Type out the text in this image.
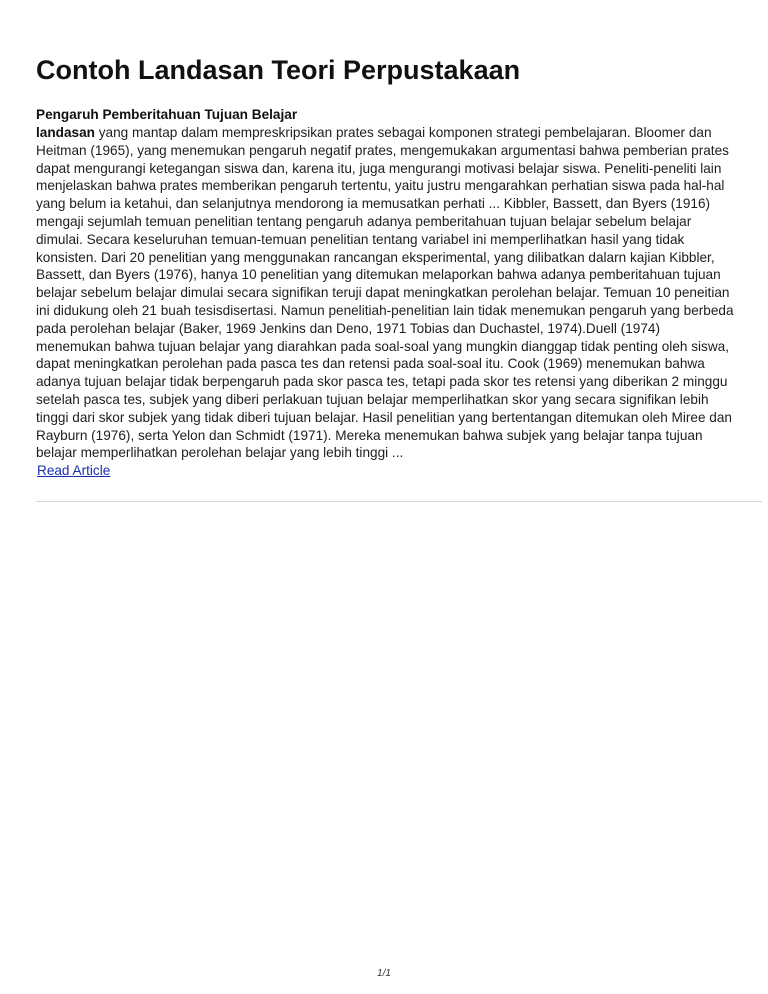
Contoh Landasan Teori Perpustakaan
Pengaruh Pemberitahuan Tujuan Belajar

landasan yang mantap dalam mempreskripsikan prates sebagai komponen strategi pembelajaran. Bloomer dan Heitman (1965), yang menemukan pengaruh negatif prates, mengemukakan argumentasi bahwa pemberian prates dapat mengurangi ketegangan siswa dan, karena itu, juga mengurangi motivasi belajar siswa. Peneliti-peneliti lain menjelaskan bahwa prates memberikan pengaruh tertentu, yaitu justru mengarahkan perhatian siswa pada hal-hal yang belum ia ketahui, dan selanjutnya mendorong ia memusatkan perhati ... Kibbler, Bassett, dan Byers (1916) mengaji sejumlah temuan penelitian tentang pengaruh adanya pemberitahuan tujuan belajar sebelum belajar dimulai. Secara keseluruhan temuan-temuan penelitian tentang variabel ini memperlihatkan hasil yang tidak konsisten. Dari 20 penelitian yang menggunakan rancangan eksperimental, yang dilibatkan dalarn kajian Kibbler, Bassett, dan Byers (1976), hanya 10 penelitian yang ditemukan melaporkan bahwa adanya pemberitahuan tujuan belajar sebelum belajar dimulai secara signifikan teruji dapat meningkatkan perolehan belajar. Temuan 10 peneitian ini didukung oleh 21 buah tesisdisertasi. Namun penelitiah-penelitian lain tidak menemukan pengaruh yang berbeda pada perolehan belajar (Baker, 1969 Jenkins dan Deno, 1971 Tobias dan Duchastel, 1974).Duell (1974) menemukan bahwa tujuan belajar yang diarahkan pada soal-soal yang mungkin dianggap tidak penting oleh siswa, dapat meningkatkan perolehan pada pasca tes dan retensi pada soal-soal itu. Cook (1969) menemukan bahwa adanya tujuan belajar tidak berpengaruh pada skor pasca tes, tetapi pada skor tes retensi yang diberikan 2 minggu setelah pasca tes, subjek yang diberi perlakuan tujuan belajar memperlihatkan skor yang secara signifikan lebih tinggi dari skor subjek yang tidak diberi tujuan belajar. Hasil penelitian yang bertentangan ditemukan oleh Miree dan Rayburn (1976), serta Yelon dan Schmidt (1971). Mereka menemukan bahwa subjek yang belajar tanpa tujuan belajar memperlihatkan perolehan belajar yang lebih tinggi ...

Read Article
1/1
